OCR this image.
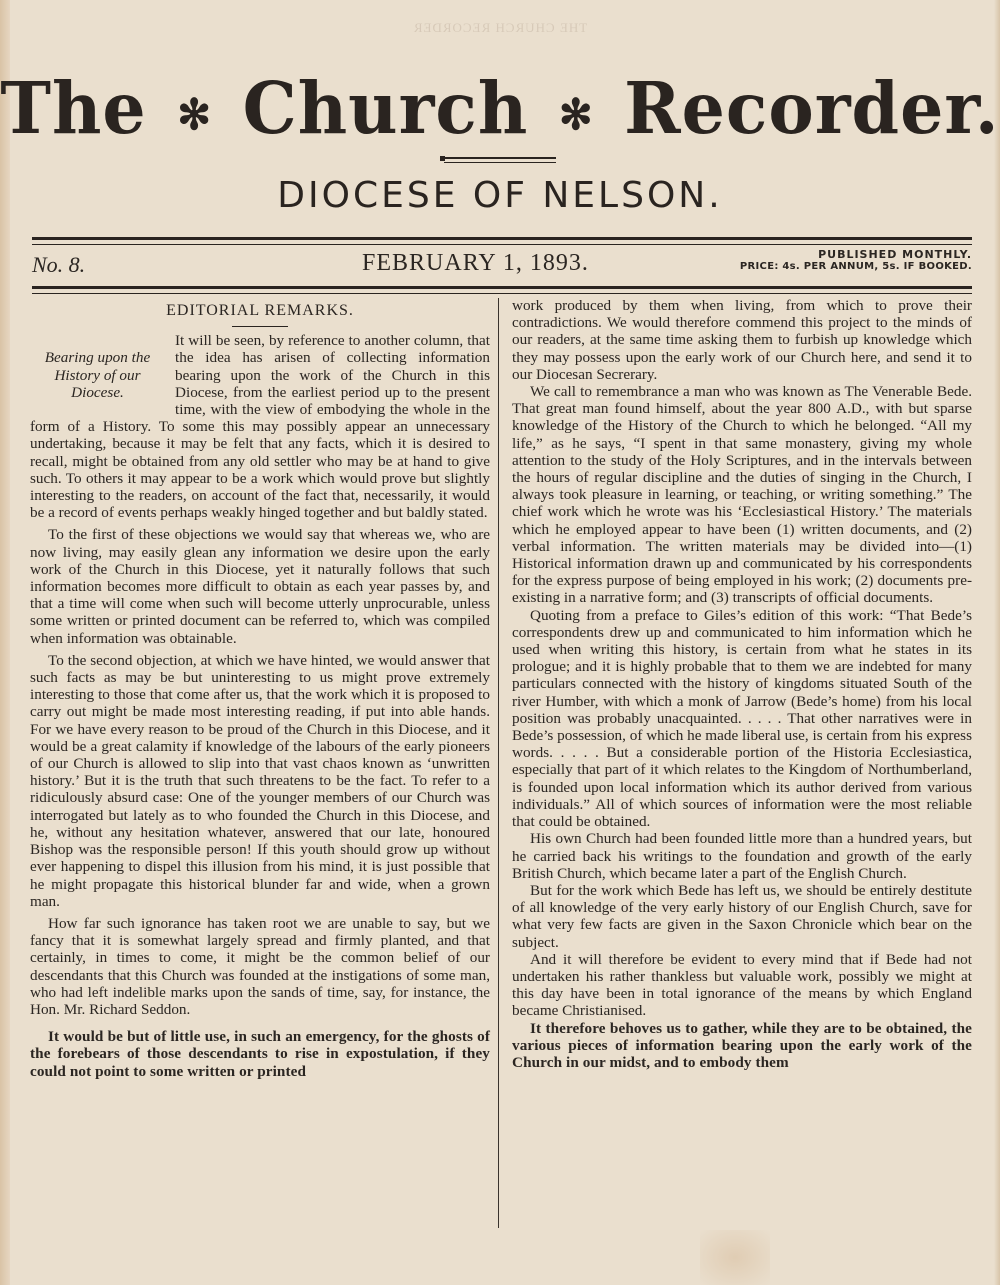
THE CHURCH RECORDER
The ✻ Church ✻ Recorder.
DIOCESE OF NELSON.
No. 8.	FEBRUARY 1, 1893.	PUBLISHED MONTHLY.
PRICE: 4s. PER ANNUM, 5s. IF BOOKED.
EDITORIAL REMARKS.
Bearing upon the History of our Diocese.

It will be seen, by reference to another column, that the idea has arisen of collecting information bearing upon the work of the Church in this Diocese, from the earliest period up to the present time, with the view of embodying the whole in the form of a History. To some this may possibly appear an unnecessary undertaking, because it may be felt that any facts, which it is desired to recall, might be obtained from any old settler who may be at hand to give such. To others it may appear to be a work which would prove but slightly interesting to the readers, on account of the fact that, necessarily, it would be a record of events perhaps weakly hinged together and but baldly stated.

To the first of these objections we would say that whereas we, who are now living, may easily glean any information we desire upon the early work of the Church in this Diocese, yet it naturally follows that such information becomes more difficult to obtain as each year passes by, and that a time will come when such will become utterly unprocurable, unless some written or printed document can be referred to, which was compiled when information was obtainable.

To the second objection, at which we have hinted, we would answer that such facts as may be but uninteresting to us might prove extremely interesting to those that come after us, that the work which it is proposed to carry out might be made most interesting reading, if put into able hands. For we have every reason to be proud of the Church in this Diocese, and it would be a great calamity if knowledge of the labours of the early pioneers of our Church is allowed to slip into that vast chaos known as ‘unwritten history.’ But it is the truth that such threatens to be the fact. To refer to a ridiculously absurd case: One of the younger members of our Church was interrogated but lately as to who founded the Church in this Diocese, and he, without any hesitation whatever, answered that our late, honoured Bishop was the responsible person! If this youth should grow up without ever happening to dispel this illusion from his mind, it is just possible that he might propagate this historical blunder far and wide, when a grown man.

How far such ignorance has taken root we are unable to say, but we fancy that it is somewhat largely spread and firmly planted, and that certainly, in times to come, it might be the common belief of our descendants that this Church was founded at the instigations of some man, who had left indelible marks upon the sands of time, say, for instance, the Hon. Mr. Richard Seddon.

It would be but of little use, in such an emergency, for the ghosts of the forebears of those descendants to rise in expostulation, if they could not point to some written or printed

work produced by them when living, from which to prove their contradictions. We would therefore commend this project to the minds of our readers, at the same time asking them to furbish up knowledge which they may possess upon the early work of our Church here, and send it to our Diocesan Secrerary.

We call to remembrance a man who was known as The Venerable Bede. That great man found himself, about the year 800 A.D., with but sparse knowledge of the History of the Church to which he belonged. “All my life,” as he says, “I spent in that same monastery, giving my whole attention to the study of the Holy Scriptures, and in the intervals between the hours of regular discipline and the duties of singing in the Church, I always took pleasure in learning, or teaching, or writing something.” The chief work which he wrote was his ‘Ecclesiastical History.’ The materials which he employed appear to have been (1) written documents, and (2) verbal information. The written materials may be divided into—(1) Historical information drawn up and communicated by his correspondents for the express purpose of being employed in his work; (2) documents pre-existing in a narrative form; and (3) transcripts of official documents.

Quoting from a preface to Giles’s edition of this work: “That Bede’s correspondents drew up and communicated to him information which he used when writing this history, is certain from what he states in its prologue; and it is highly probable that to them we are indebted for many particulars connected with the history of kingdoms situated South of the river Humber, with which a monk of Jarrow (Bede’s home) from his local position was probably unacquainted. . . . . That other narratives were in Bede’s possession, of which he made liberal use, is certain from his express words. . . . . But a considerable portion of the Historia Ecclesiastica, especially that part of it which relates to the Kingdom of Northumberland, is founded upon local information which its author derived from various individuals.” All of which sources of information were the most reliable that could be obtained.

His own Church had been founded little more than a hundred years, but he carried back his writings to the foundation and growth of the early British Church, which became later a part of the English Church.

But for the work which Bede has left us, we should be entirely destitute of all knowledge of the very early history of our English Church, save for what very few facts are given in the Saxon Chronicle which bear on the subject.

And it will therefore be evident to every mind that if Bede had not undertaken his rather thankless but valuable work, possibly we might at this day have been in total ignorance of the means by which England became Christianised.

It therefore behoves us to gather, while they are to be obtained, the various pieces of information bearing upon the early work of the Church in our midst, and to embody them
